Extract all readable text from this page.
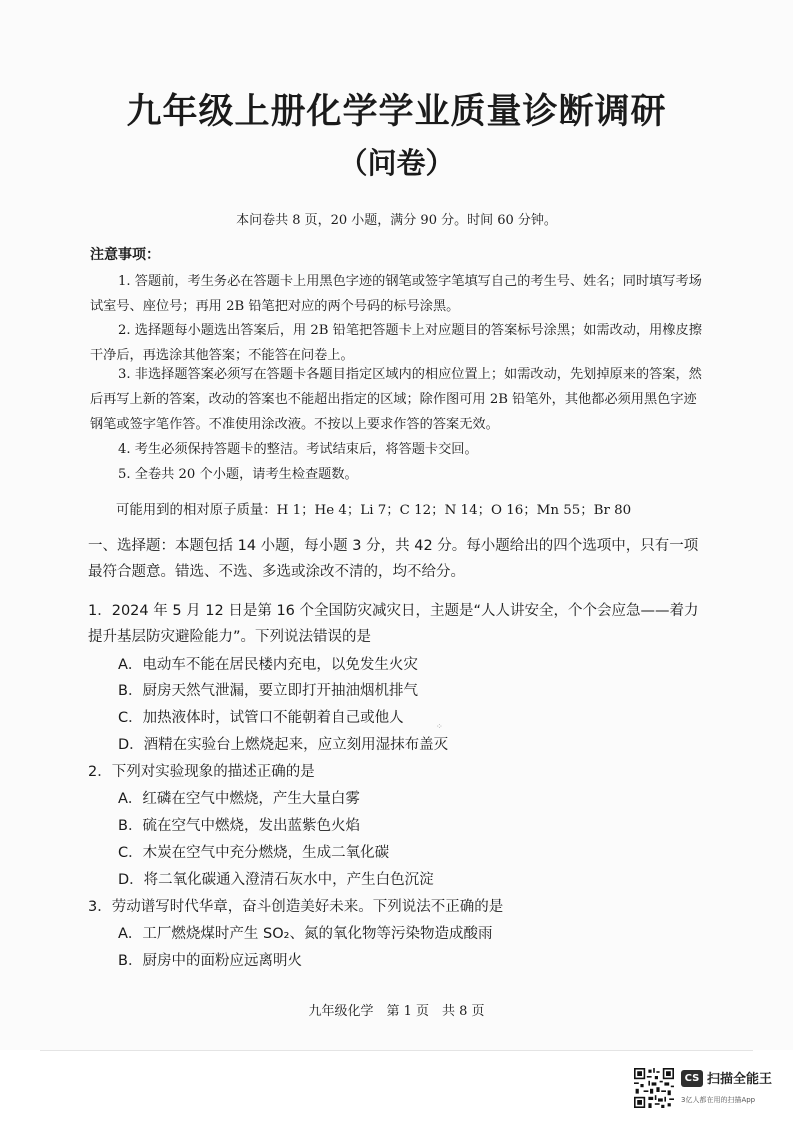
九年级上册化学学业质量诊断调研
（问卷）
本问卷共 8 页，20 小题，满分 90 分。时间 60 分钟。
注意事项：
1. 答题前，考生务必在答题卡上用黑色字迹的钢笔或签字笔填写自己的考生号、姓名；同时填写考场试室号、座位号；再用 2B 铅笔把对应的两个号码的标号涂黑。
2. 选择题每小题选出答案后，用 2B 铅笔把答题卡上对应题目的答案标号涂黑；如需改动，用橡皮擦干净后，再选涂其他答案；不能答在问卷上。
3. 非选择题答案必须写在答题卡各题目指定区域内的相应位置上；如需改动，先划掉原来的答案，然后再写上新的答案，改动的答案也不能超出指定的区域；除作图可用 2B 铅笔外，其他都必须用黑色字迹钢笔或签字笔作答。不准使用涂改液。不按以上要求作答的答案无效。
4. 考生必须保持答题卡的整洁。考试结束后，将答题卡交回。
5. 全卷共 20 个小题，请考生检查题数。
可能用到的相对原子质量：H 1；He 4；Li 7；C 12；N 14；O 16；Mn 55；Br 80
一、选择题：本题包括 14 小题，每小题 3 分，共 42 分。每小题给出的四个选项中，只有一项最符合题意。错选、不选、多选或涂改不清的，均不给分。
1．2024 年 5 月 12 日是第 16 个全国防灾减灾日，主题是“人人讲安全，个个会应急——着力提升基层防灾避险能力”。下列说法错误的是
A．电动车不能在居民楼内充电，以免发生火灾
B．厨房天然气泄漏，要立即打开抽油烟机排气
C．加热液体时，试管口不能朝着自己或他人
D．酒精在实验台上燃烧起来，应立刻用湿抹布盖灭
⁘
2．下列对实验现象的描述正确的是
A．红磷在空气中燃烧，产生大量白雾
B．硫在空气中燃烧，发出蓝紫色火焰
C．木炭在空气中充分燃烧，生成二氧化碳
D．将二氧化碳通入澄清石灰水中，产生白色沉淀
3．劳动谱写时代华章，奋斗创造美好未来。下列说法不正确的是
A．工厂燃烧煤时产生 SO₂、氮的氧化物等污染物造成酸雨
B．厨房中的面粉应远离明火
九年级化学　第 1 页　共 8 页
CS 扫描全能王
3亿人都在用的扫描App
